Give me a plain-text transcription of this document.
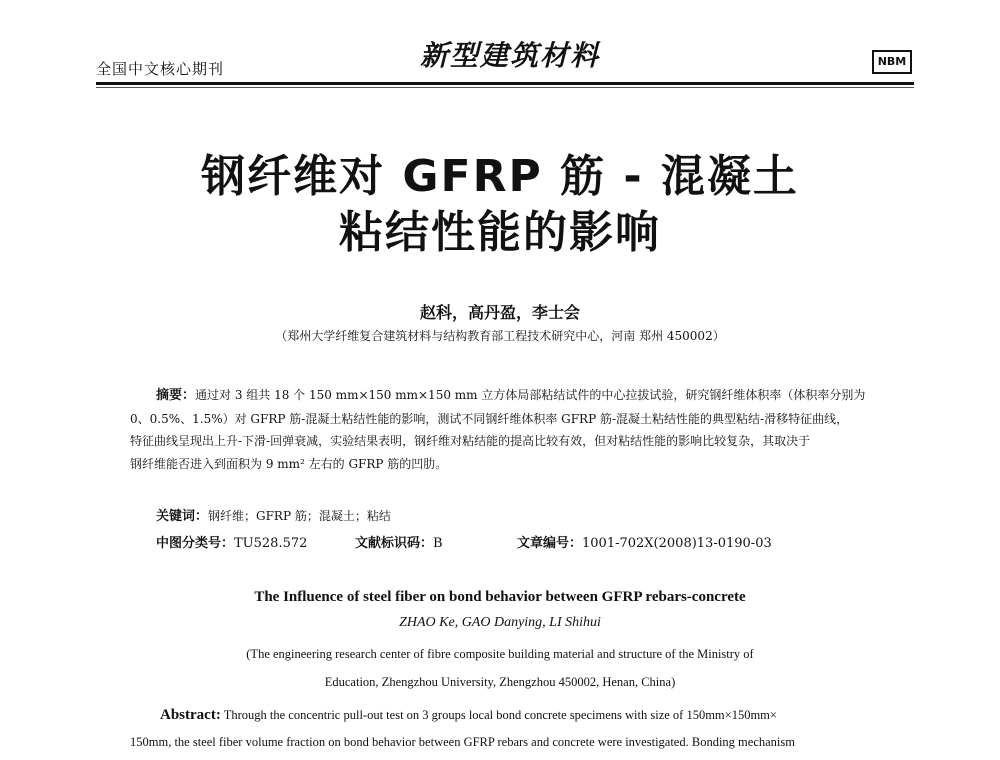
全国中文核心期刊	新型建筑材料	NBM
钢纤维对 GFRP 筋 - 混凝土
粘结性能的影响
赵科，高丹盈，李士会
（郑州大学纤维复合建筑材料与结构教育部工程技术研究中心，河南 郑州 450002）
摘要：通过对 3 组共 18 个 150 mm×150 mm×150 mm 立方体局部粘结试件的中心拉拔试验，研究钢纤维体积率（体积率分别为
0、0.5%、1.5%）对 GFRP 筋-混凝土粘结性能的影响，测试不同钢纤维体积率 GFRP 筋-混凝土粘结性能的典型粘结-滑移特征曲线，
特征曲线呈现出上升-下滑-回弹衰减，实验结果表明，钢纤维对粘结能的提高比较有效，但对粘结性能的影响比较复杂，其取决于
钢纤维能否进入到面积为 9 mm² 左右的 GFRP 筋的凹肋。
关键词：钢纤维；GFRP 筋；混凝土；粘结
中图分类号：TU528.572	文献标识码：B	文章编号：1001-702X(2008)13-0190-03
The Influence of steel fiber on bond behavior between GFRP rebars-concrete
ZHAO Ke, GAO Danying, LI Shihui
(The engineering research center of fibre composite building material and structure of the Ministry of
Education, Zhengzhou University, Zhengzhou 450002, Henan, China)
Abstract: Through the concentric pull-out test on 3 groups local bond concrete specimens with size of 150mm×150mm×
150mm, the steel fiber volume fraction on bond behavior between GFRP rebars and concrete were investigated. Bonding mechanism
